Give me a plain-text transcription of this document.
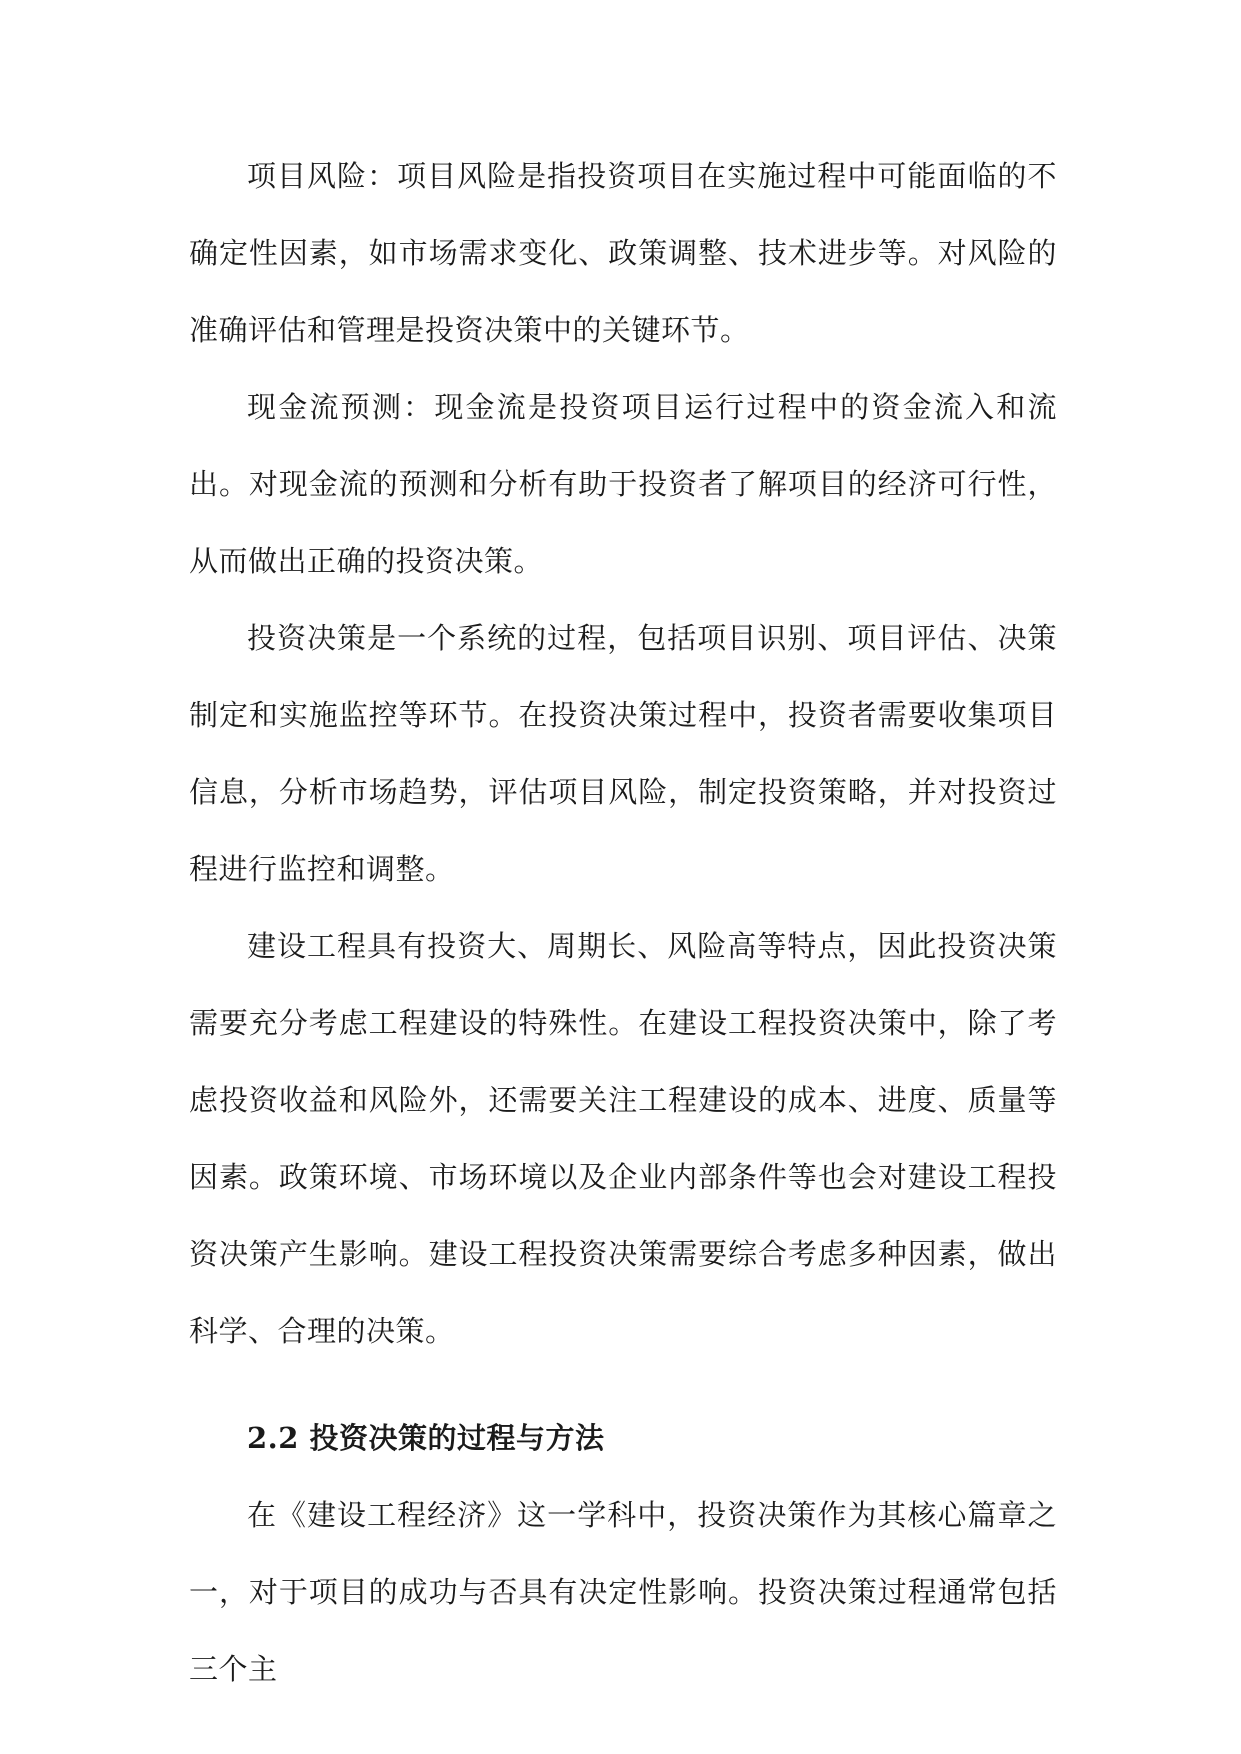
项目风险：项目风险是指投资项目在实施过程中可能面临的不确定性因素，如市场需求变化、政策调整、技术进步等。对风险的准确评估和管理是投资决策中的关键环节。

现金流预测：现金流是投资项目运行过程中的资金流入和流出。对现金流的预测和分析有助于投资者了解项目的经济可行性，从而做出正确的投资决策。

投资决策是一个系统的过程，包括项目识别、项目评估、决策制定和实施监控等环节。在投资决策过程中，投资者需要收集项目信息，分析市场趋势，评估项目风险，制定投资策略，并对投资过程进行监控和调整。

建设工程具有投资大、周期长、风险高等特点，因此投资决策需要充分考虑工程建设的特殊性。在建设工程投资决策中，除了考虑投资收益和风险外，还需要关注工程建设的成本、进度、质量等因素。政策环境、市场环境以及企业内部条件等也会对建设工程投资决策产生影响。建设工程投资决策需要综合考虑多种因素，做出科学、合理的决策。

2.2 投资决策的过程与方法

在《建设工程经济》这一学科中，投资决策作为其核心篇章之一，对于项目的成功与否具有决定性影响。投资决策过程通常包括三个主
